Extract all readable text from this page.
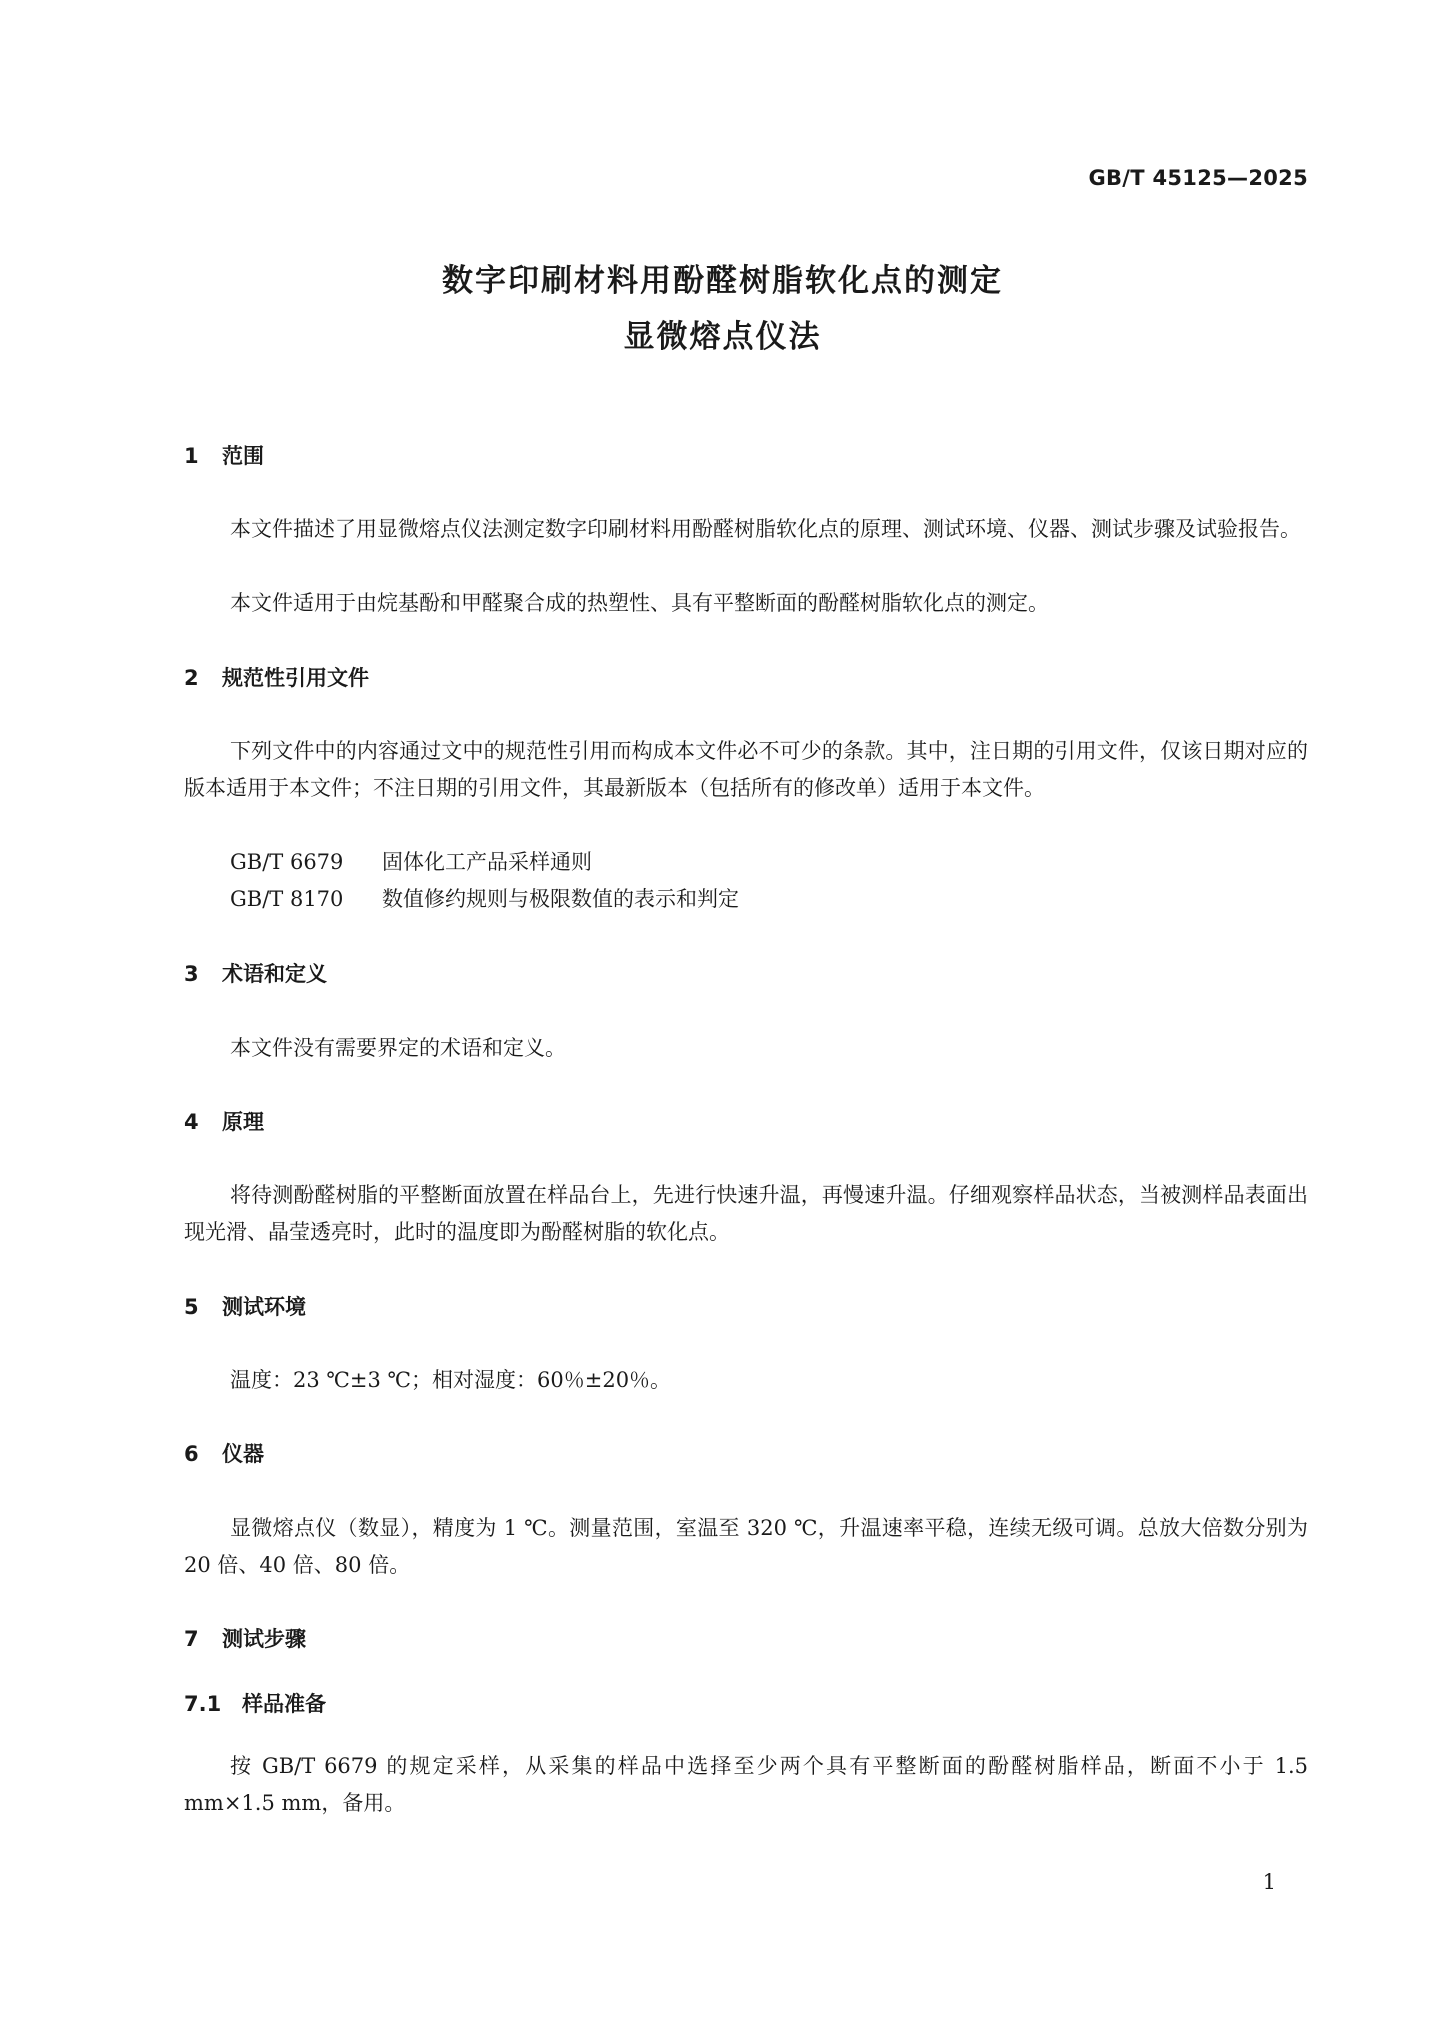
GB/T 45125—2025
数字印刷材料用酚醛树脂软化点的测定
显微熔点仪法
1 范围
本文件描述了用显微熔点仪法测定数字印刷材料用酚醛树脂软化点的原理、测试环境、仪器、测试步骤及试验报告。
本文件适用于由烷基酚和甲醛聚合成的热塑性、具有平整断面的酚醛树脂软化点的测定。
2 规范性引用文件
下列文件中的内容通过文中的规范性引用而构成本文件必不可少的条款。其中，注日期的引用文件，仅该日期对应的版本适用于本文件；不注日期的引用文件，其最新版本（包括所有的修改单）适用于本文件。
GB/T 6679 固体化工产品采样通则
GB/T 8170 数值修约规则与极限数值的表示和判定
3 术语和定义
本文件没有需要界定的术语和定义。
4 原理
将待测酚醛树脂的平整断面放置在样品台上，先进行快速升温，再慢速升温。仔细观察样品状态，当被测样品表面出现光滑、晶莹透亮时，此时的温度即为酚醛树脂的软化点。
5 测试环境
温度：23 ℃±3 ℃；相对湿度：60％±20％。
6 仪器
显微熔点仪（数显），精度为 1 ℃。测量范围，室温至 320 ℃，升温速率平稳，连续无级可调。总放大倍数分别为 20 倍、40 倍、80 倍。
7 测试步骤
7.1 样品准备
按 GB/T 6679 的规定采样，从采集的样品中选择至少两个具有平整断面的酚醛树脂样品，断面不小于 1.5 mm×1.5 mm，备用。
1
